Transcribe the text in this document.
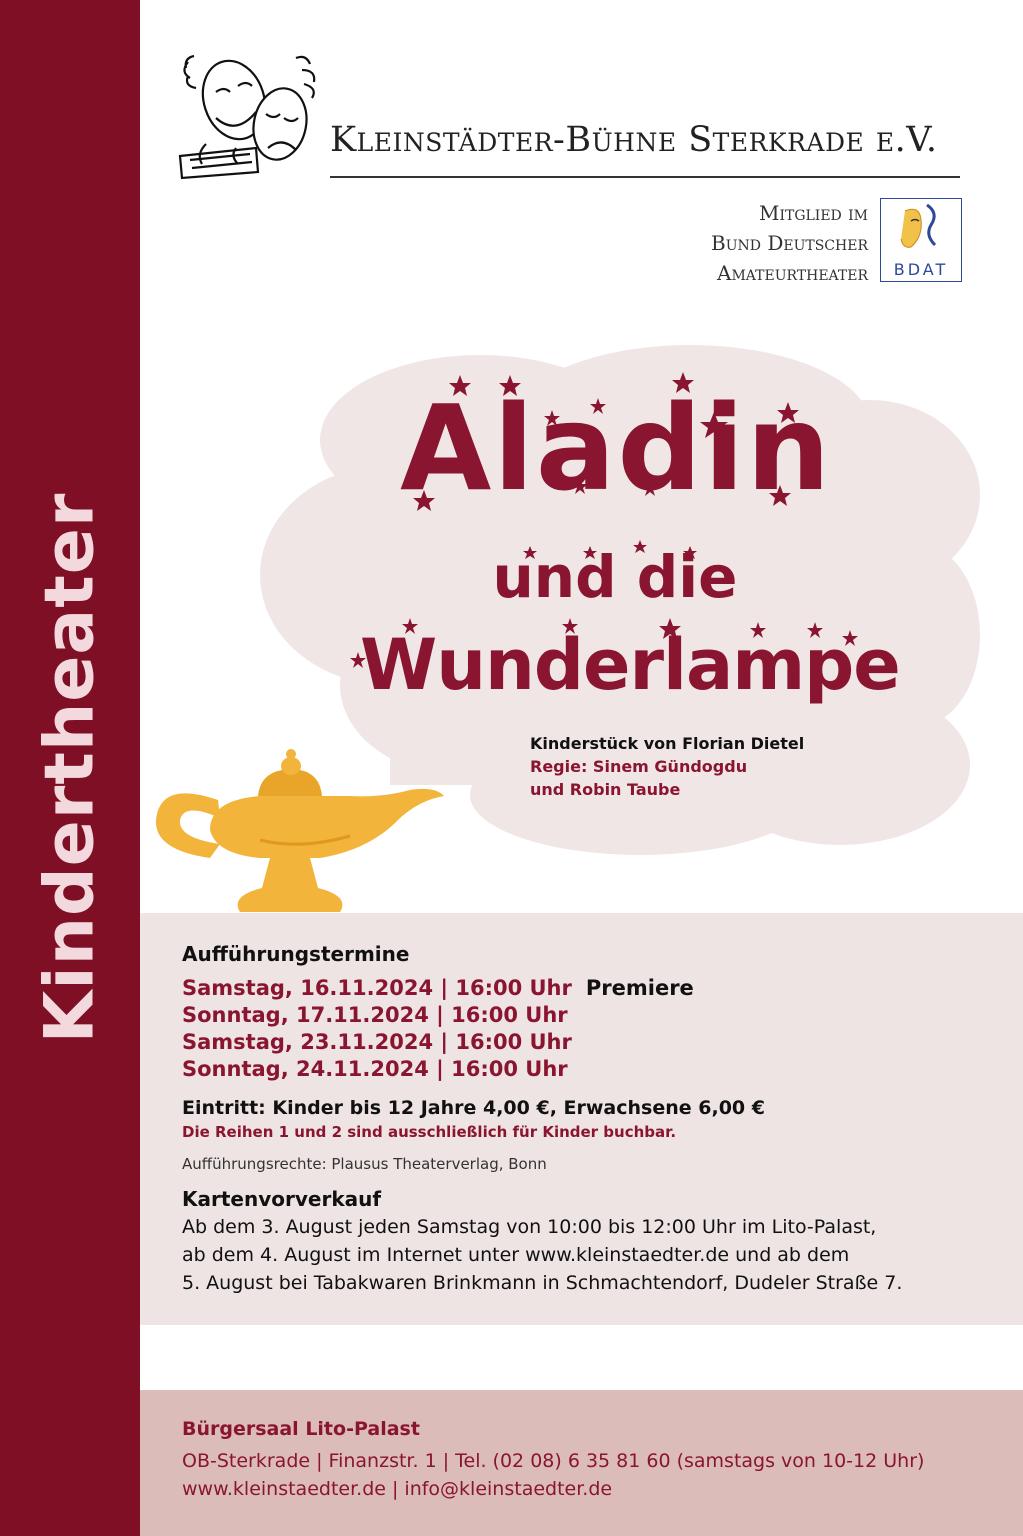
Kindertheater
Kleinstädter-Bühne Sterkrade e.V.
Mitglied im
Bund Deutscher
Amateurtheater	BDAT
Aladin
und die
Wunderlampe
Kinderstück von Florian Dietel
Regie: Sinem Gündogdu
und Robin Taube
Aufführungstermine
Samstag, 16.11.2024 | 16:00 Uhr Premiere
Sonntag, 17.11.2024 | 16:00 Uhr
Samstag, 23.11.2024 | 16:00 Uhr
Sonntag, 24.11.2024 | 16:00 Uhr
Eintritt: Kinder bis 12 Jahre 4,00 €, Erwachsene 6,00 €
Die Reihen 1 und 2 sind ausschließlich für Kinder buchbar.
Aufführungsrechte: Plausus Theaterverlag, Bonn
Kartenvorverkauf
Ab dem 3. August jeden Samstag von 10:00 bis 12:00 Uhr im Lito-Palast,
ab dem 4. August im Internet unter www.kleinstaedter.de und ab dem
5. August bei Tabakwaren Brinkmann in Schmachtendorf, Dudeler Straße 7.
Bürgersaal Lito-Palast
OB-Sterkrade | Finanzstr. 1 | Tel. (02 08) 6 35 81 60 (samstags von 10-12 Uhr)
www.kleinstaedter.de | info@kleinstaedter.de
